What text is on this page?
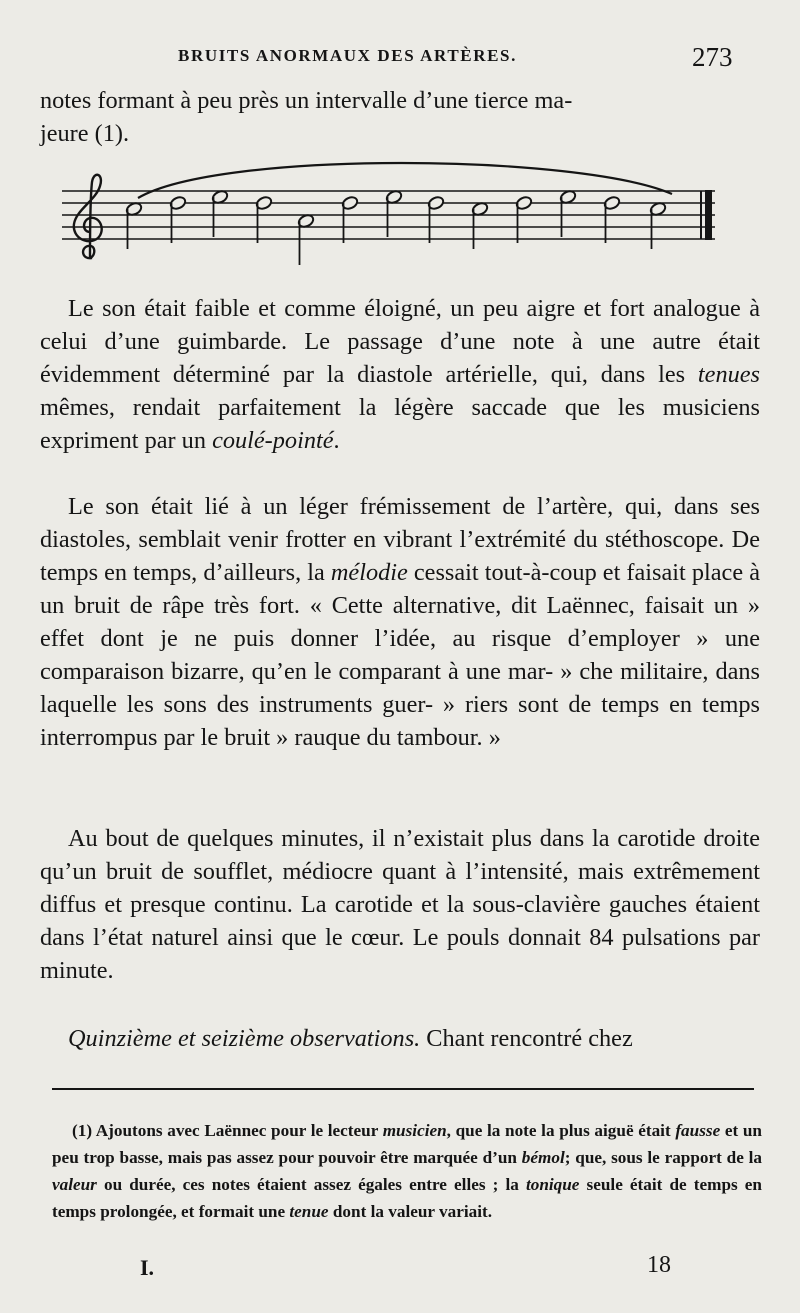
BRUITS ANORMAUX DES ARTÈRES.	273

notes formant à peu près un intervalle d’une tierce ma-

jeure (1).

Le son était faible et comme éloigné, un peu aigre et fort analogue à celui d’une guimbarde. Le passage d’une note à une autre était évidemment déterminé par la diastole artérielle, qui, dans les tenues mêmes, rendait parfaitement la légère saccade que les musiciens expriment par un coulé-pointé.

Le son était lié à un léger frémissement de l’artère, qui, dans ses diastoles, semblait venir frotter en vibrant l’extrémité du stéthoscope. De temps en temps, d’ailleurs, la mélodie cessait tout-à-coup et faisait place à un bruit de râpe très fort. « Cette alternative, dit Laënnec, faisait un » effet dont je ne puis donner l’idée, au risque d’employer » une comparaison bizarre, qu’en le comparant à une mar- » che militaire, dans laquelle les sons des instruments guer- » riers sont de temps en temps interrompus par le bruit » rauque du tambour. »

Au bout de quelques minutes, il n’existait plus dans la carotide droite qu’un bruit de soufflet, médiocre quant à l’intensité, mais extrêmement diffus et presque continu. La carotide et la sous-clavière gauches étaient dans l’état naturel ainsi que le cœur. Le pouls donnait 84 pulsations par minute.

Quinzième et seizième observations. Chant rencontré chez

(1) Ajoutons avec Laënnec pour le lecteur musicien, que la note la plus aiguë était fausse et un peu trop basse, mais pas assez pour pouvoir être marquée d’un bémol; que, sous le rapport de la valeur ou durée, ces notes étaient assez égales entre elles ; la tonique seule était de temps en temps prolongée, et formait une tenue dont la valeur variait.

I.	18
